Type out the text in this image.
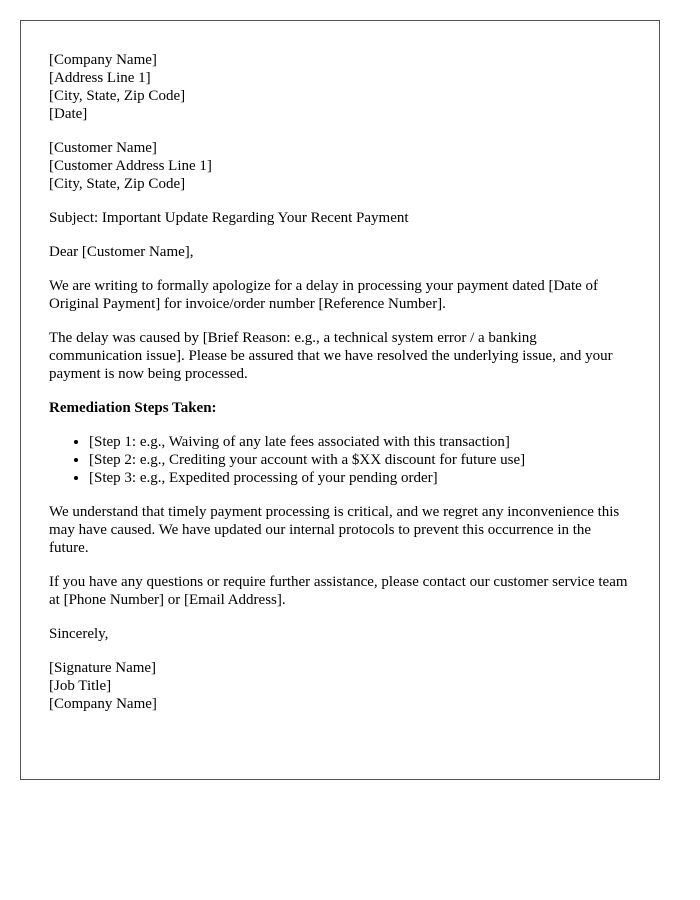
[Company Name]
[Address Line 1]
[City, State, Zip Code]
[Date]
[Customer Name]
[Customer Address Line 1]
[City, State, Zip Code]

Subject: Important Update Regarding Your Recent Payment

Dear [Customer Name],

We are writing to formally apologize for a delay in processing your payment dated [Date of Original Payment] for invoice/order number [Reference Number].

The delay was caused by [Brief Reason: e.g., a technical system error / a banking communication issue]. Please be assured that we have resolved the underlying issue, and your payment is now being processed.

Remediation Steps Taken:
• [Step 1: e.g., Waiving of any late fees associated with this transaction]
• [Step 2: e.g., Crediting your account with a $XX discount for future use]
• [Step 3: e.g., Expedited processing of your pending order]

We understand that timely payment processing is critical, and we regret any inconvenience this may have caused. We have updated our internal protocols to prevent this occurrence in the future.

If you have any questions or require further assistance, please contact our customer service team at [Phone Number] or [Email Address].

Sincerely,

[Signature Name]
[Job Title]
[Company Name]
